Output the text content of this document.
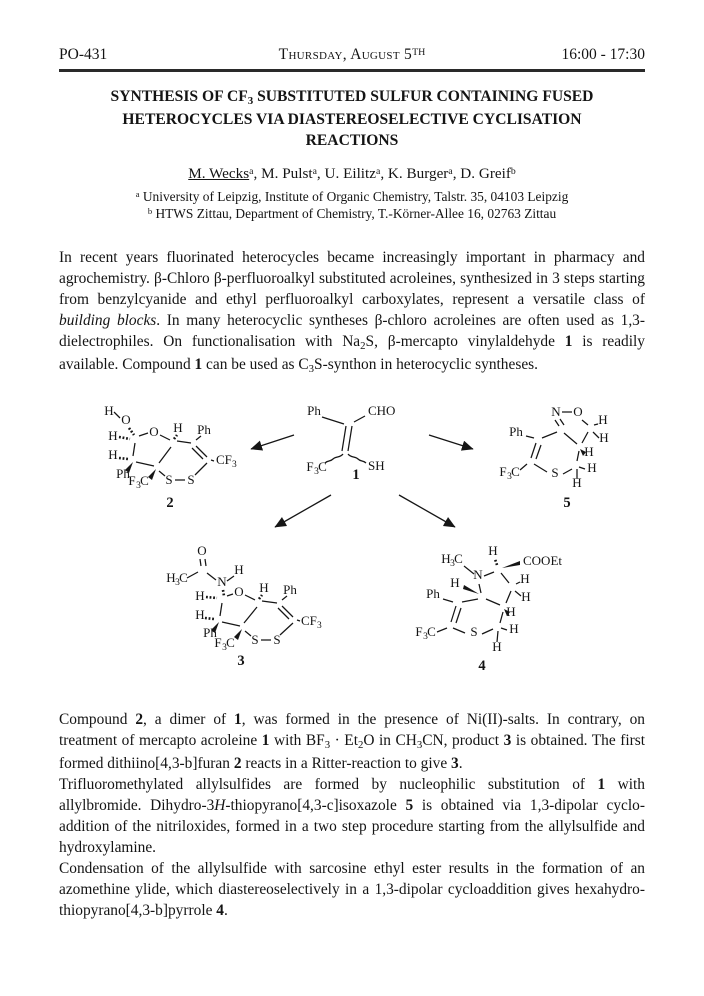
PO-431	Thursday, August 5TH	16:00 - 17:30
SYNTHESIS OF CF3 SUBSTITUTED SULFUR CONTAINING FUSED HETEROCYCLES VIA DIASTEREOSELECTIVE CYCLISATION REACTIONS
M. Wecks$^a$, M. Pulst$^a$, U. Eilitz$^a$, K. Burger$^a$, D. Greif$^b$
$^a$ University of Leipzig, Institute of Organic Chemistry, Talstr. 35, 04103 Leipzig
$^b$ HTWS Zittau, Department of Chemistry, T.-Körner-Allee 16, 02763 Zittau

In recent years fluorinated heterocycles became increasingly important in pharmacy and agrochemistry. β-Chloro β-perfluoroalkyl substituted acroleines, synthesized in 3 steps starting from benzylcyanide and ethyl perfluoroalkyl carboxylates, represent a versatile class of building blocks. In many heterocyclic syntheses β-chloro acroleines are often used as 1,3-dielectrophiles. On functionalisation with Na2S, β-mercapto vinylaldehyde 1 is readily available. Compound 1 can be used as C3S-synthon in heterocyclic syntheses.

H
O
H O H Ph
CF 3
H
Ph
F 3 C S S
Ph	CHO
F 3 C	SH
N O
H
H
Ph
H
F 3 C S H
H
O
H 3 C N
H
H O H Ph
CF 3
H
Ph
F 3 C S S
H 3 C
H
COOEt
N
H
Ph
H
H
H
F 3 C	S H
H
1
2	5
3	4

Compound 2, a dimer of 1, was formed in the presence of Ni(II)-salts. In contrary, on treatment of mercapto acroleine 1 with BF3 · Et2O in CH3CN, product 3 is obtained. The first formed dithiino[4,3-b]furan 2 reacts in a Ritter-reaction to give 3.

Trifluoromethylated allylsulfides are formed by nucleophilic substitution of 1 with allylbromide. Dihydro-3H-thiopyrano[4,3-c]isoxazole 5 is obtained via 1,3-dipolar cyclo-addition of the nitriloxides, formed in a two step procedure starting from the allylsulfide and hydroxylamine.

Condensation of the allylsulfide with sarcosine ethyl ester results in the formation of an azomethine ylide, which diastereoselectively in a 1,3-dipolar cycloaddition gives hexahydro-thiopyrano[4,3-b]pyrrole 4.
